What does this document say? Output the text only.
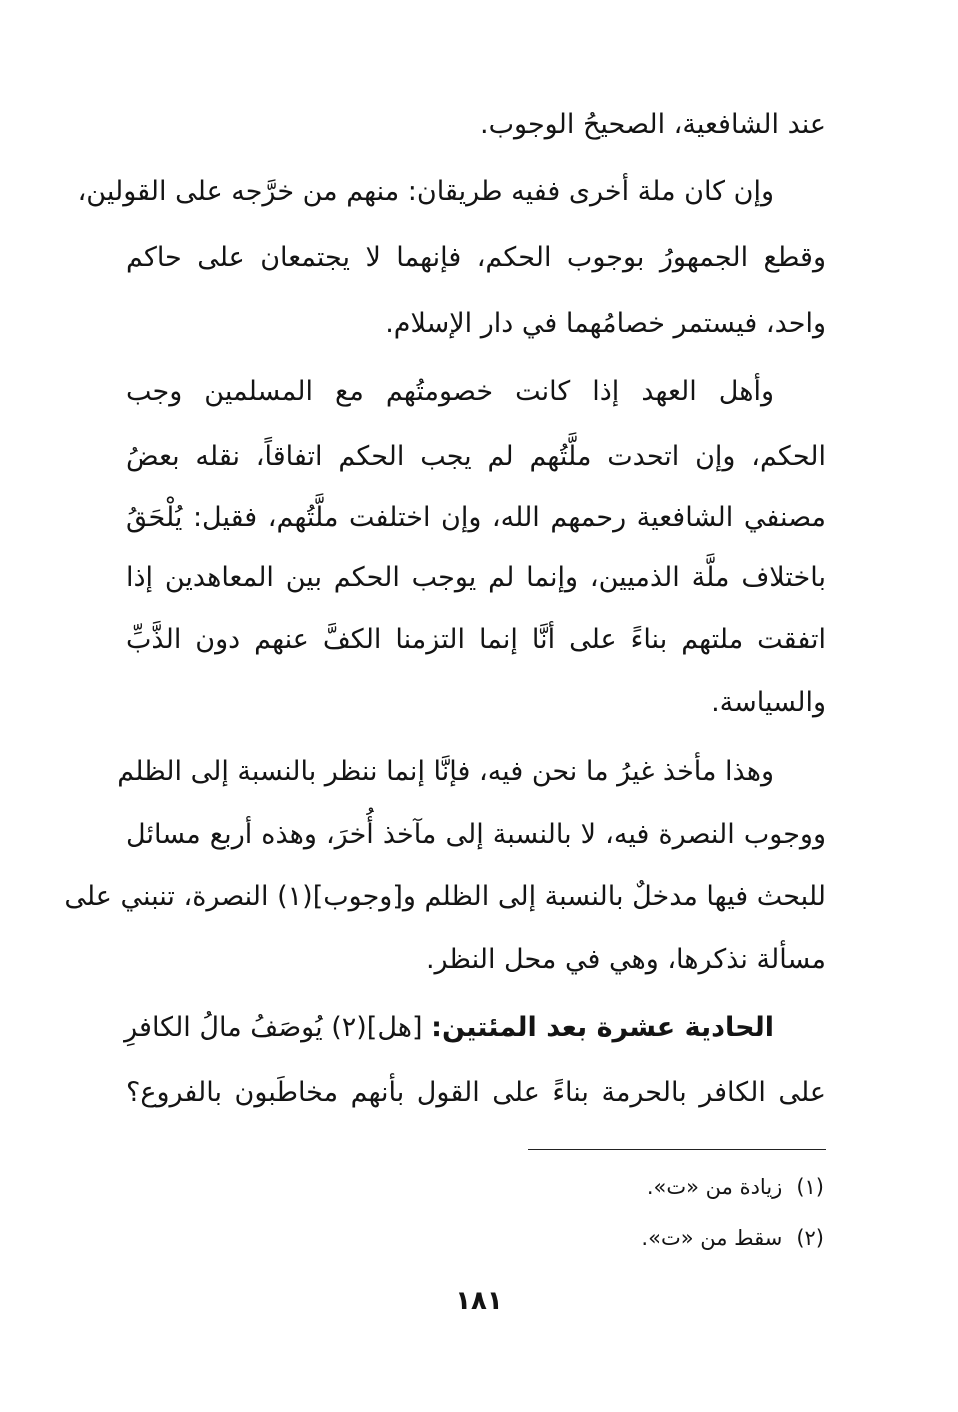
عند الشافعية، الصحيحُ الوجوب.
وإن كان ملة أخرى ففيه طريقان: منهم من خرَّجه على القولين،
وقطع الجمهورُ بوجوب الحكم، فإنهما لا يجتمعان على حاكم
واحد، فيستمر خصامُهما في دار الإسلام.
وأهل العهد إذا كانت خصومتُهم مع المسلمين وجب
الحكم، وإن اتحدت ملَّتُهم لم يجب الحكم اتفاقاً، نقله بعضُ
مصنفي الشافعية رحمهم الله، وإن اختلفت ملَّتُهم، فقيل: يُلْحَقُ
باختلاف ملَّة الذميين، وإنما لم يوجب الحكم بين المعاهدين إذا
اتفقت ملتهم بناءً على أنَّا إنما التزمنا الكفَّ عنهم دون الذَّبِّ
والسياسة.
وهذا مأخذ غيرُ ما نحن فيه، فإنَّا إنما ننظر بالنسبة إلى الظلم
ووجوب النصرة فيه، لا بالنسبة إلى مآخذ أُخرَ، وهذه أربع مسائل
للبحث فيها مدخلٌ بالنسبة إلى الظلم و[وجوب](١) النصرة، تنبني على
مسألة نذكرها، وهي في محل النظر.
الحادية عشرة بعد المئتين: [هل](٢) يُوصَفُ مالُ الكافرِ
على الكافر بالحرمة بناءً على القول بأنهم مخاطَبون بالفروع؟
(١)زيادة من «ت».
(٢)سقط من «ت».
١٨١
